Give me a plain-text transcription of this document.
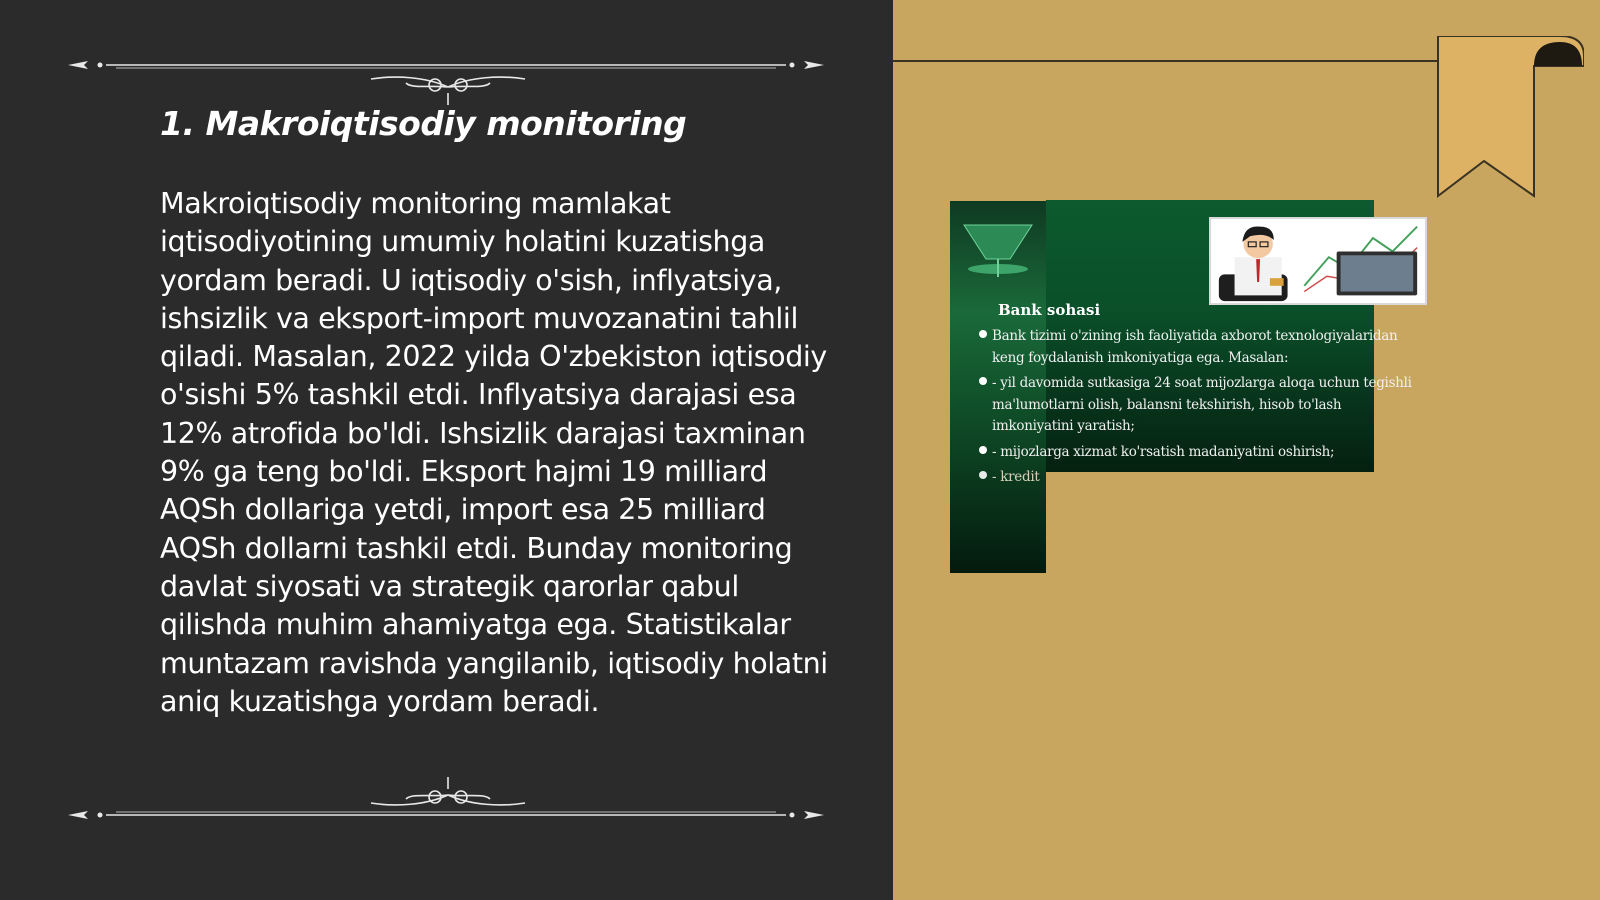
1. Makroiqtisodiy monitoring

Makroiqtisodiy monitoring mamlakat iqtisodiyotining umumiy holatini kuzatishga yordam beradi. U iqtisodiy o'sish, inflyatsiya, ishsizlik va eksport-import muvozanatini tahlil qiladi. Masalan, 2022 yilda O'zbekiston iqtisodiy o'sishi 5% tashkil etdi. Inflyatsiya darajasi esa 12% atrofida bo'ldi. Ishsizlik darajasi taxminan 9% ga teng bo'ldi. Eksport hajmi 19 milliard AQSh dollariga yetdi, import esa 25 milliard AQSh dollarni tashkil etdi. Bunday monitoring davlat siyosati va strategik qarorlar qabul qilishda muhim ahamiyatga ega. Statistikalar muntazam ravishda yangilanib, iqtisodiy holatni aniq kuzatishga yordam beradi.

Bank sohasi
Bank tizimi o'zining ish faoliyatida axborot texnologiyalaridan keng foydalanish imkoniyatiga ega. Masalan:
- yil davomida sutkasiga 24 soat mijozlarga aloqa uchun tegishli ma'lumotlarni olish, balansni tekshirish, hisob to'lash imkoniyatini yaratish;
- mijozlarga xizmat ko'rsatish madaniyatini oshirish;
- kredit
